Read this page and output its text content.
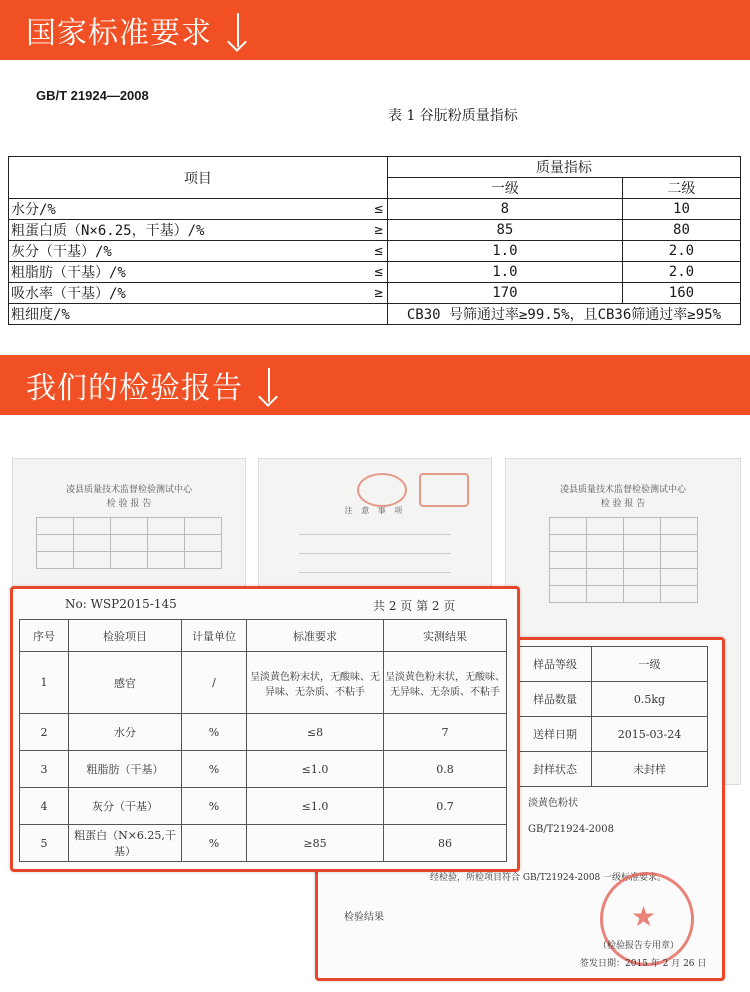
国家标准要求
GB/T 21924—2008
表 1 谷朊粉质量指标
项目		质量指标	
		一级	二级
水分/%	≤	8	10
粗蛋白质（N×6.25，干基）/%	≥	85	80
灰分（干基）/%	≤	1.0	2.0
粗脂肪（干基）/%	≤	1.0	2.0
吸水率（干基）/%	≥	170	160
粗细度/%		CB30 号筛通过率≥99.5%，且CB36筛通过率≥95%	
我们的检验报告
凌县质量技术监督检验测试中心
检 验 报 告

注 意 事 项
凌县质量技术监督检验测试中心
检 验 报 告

样品等级	一级
样品数量	0.5kg
送样日期	2015-03-24
封样状态	未封样
淡黄色粉状
GB/T21924-2008
经检验，所检项目符合 GB/T21924-2008 一级标准要求。
检验结果	★
（检验报告专用章）
签发日期：2015 年 2 月 26 日
No: WSP2015-145	共 2 页 第 2 页
序号	检验项目	计量单位	标准要求	实测结果
1	感官	/	呈淡黄色粉末状，无酸味、无异味、无杂质、不粘手	呈淡黄色粉末状，无酸味、无异味、无杂质、不粘手
2	水分	%	≤8	7
3	粗脂肪（干基）	%	≤1.0	0.8
4	灰分（干基）	%	≤1.0	0.7
5	粗蛋白（N×6.25,干基）	%	≥85	86
